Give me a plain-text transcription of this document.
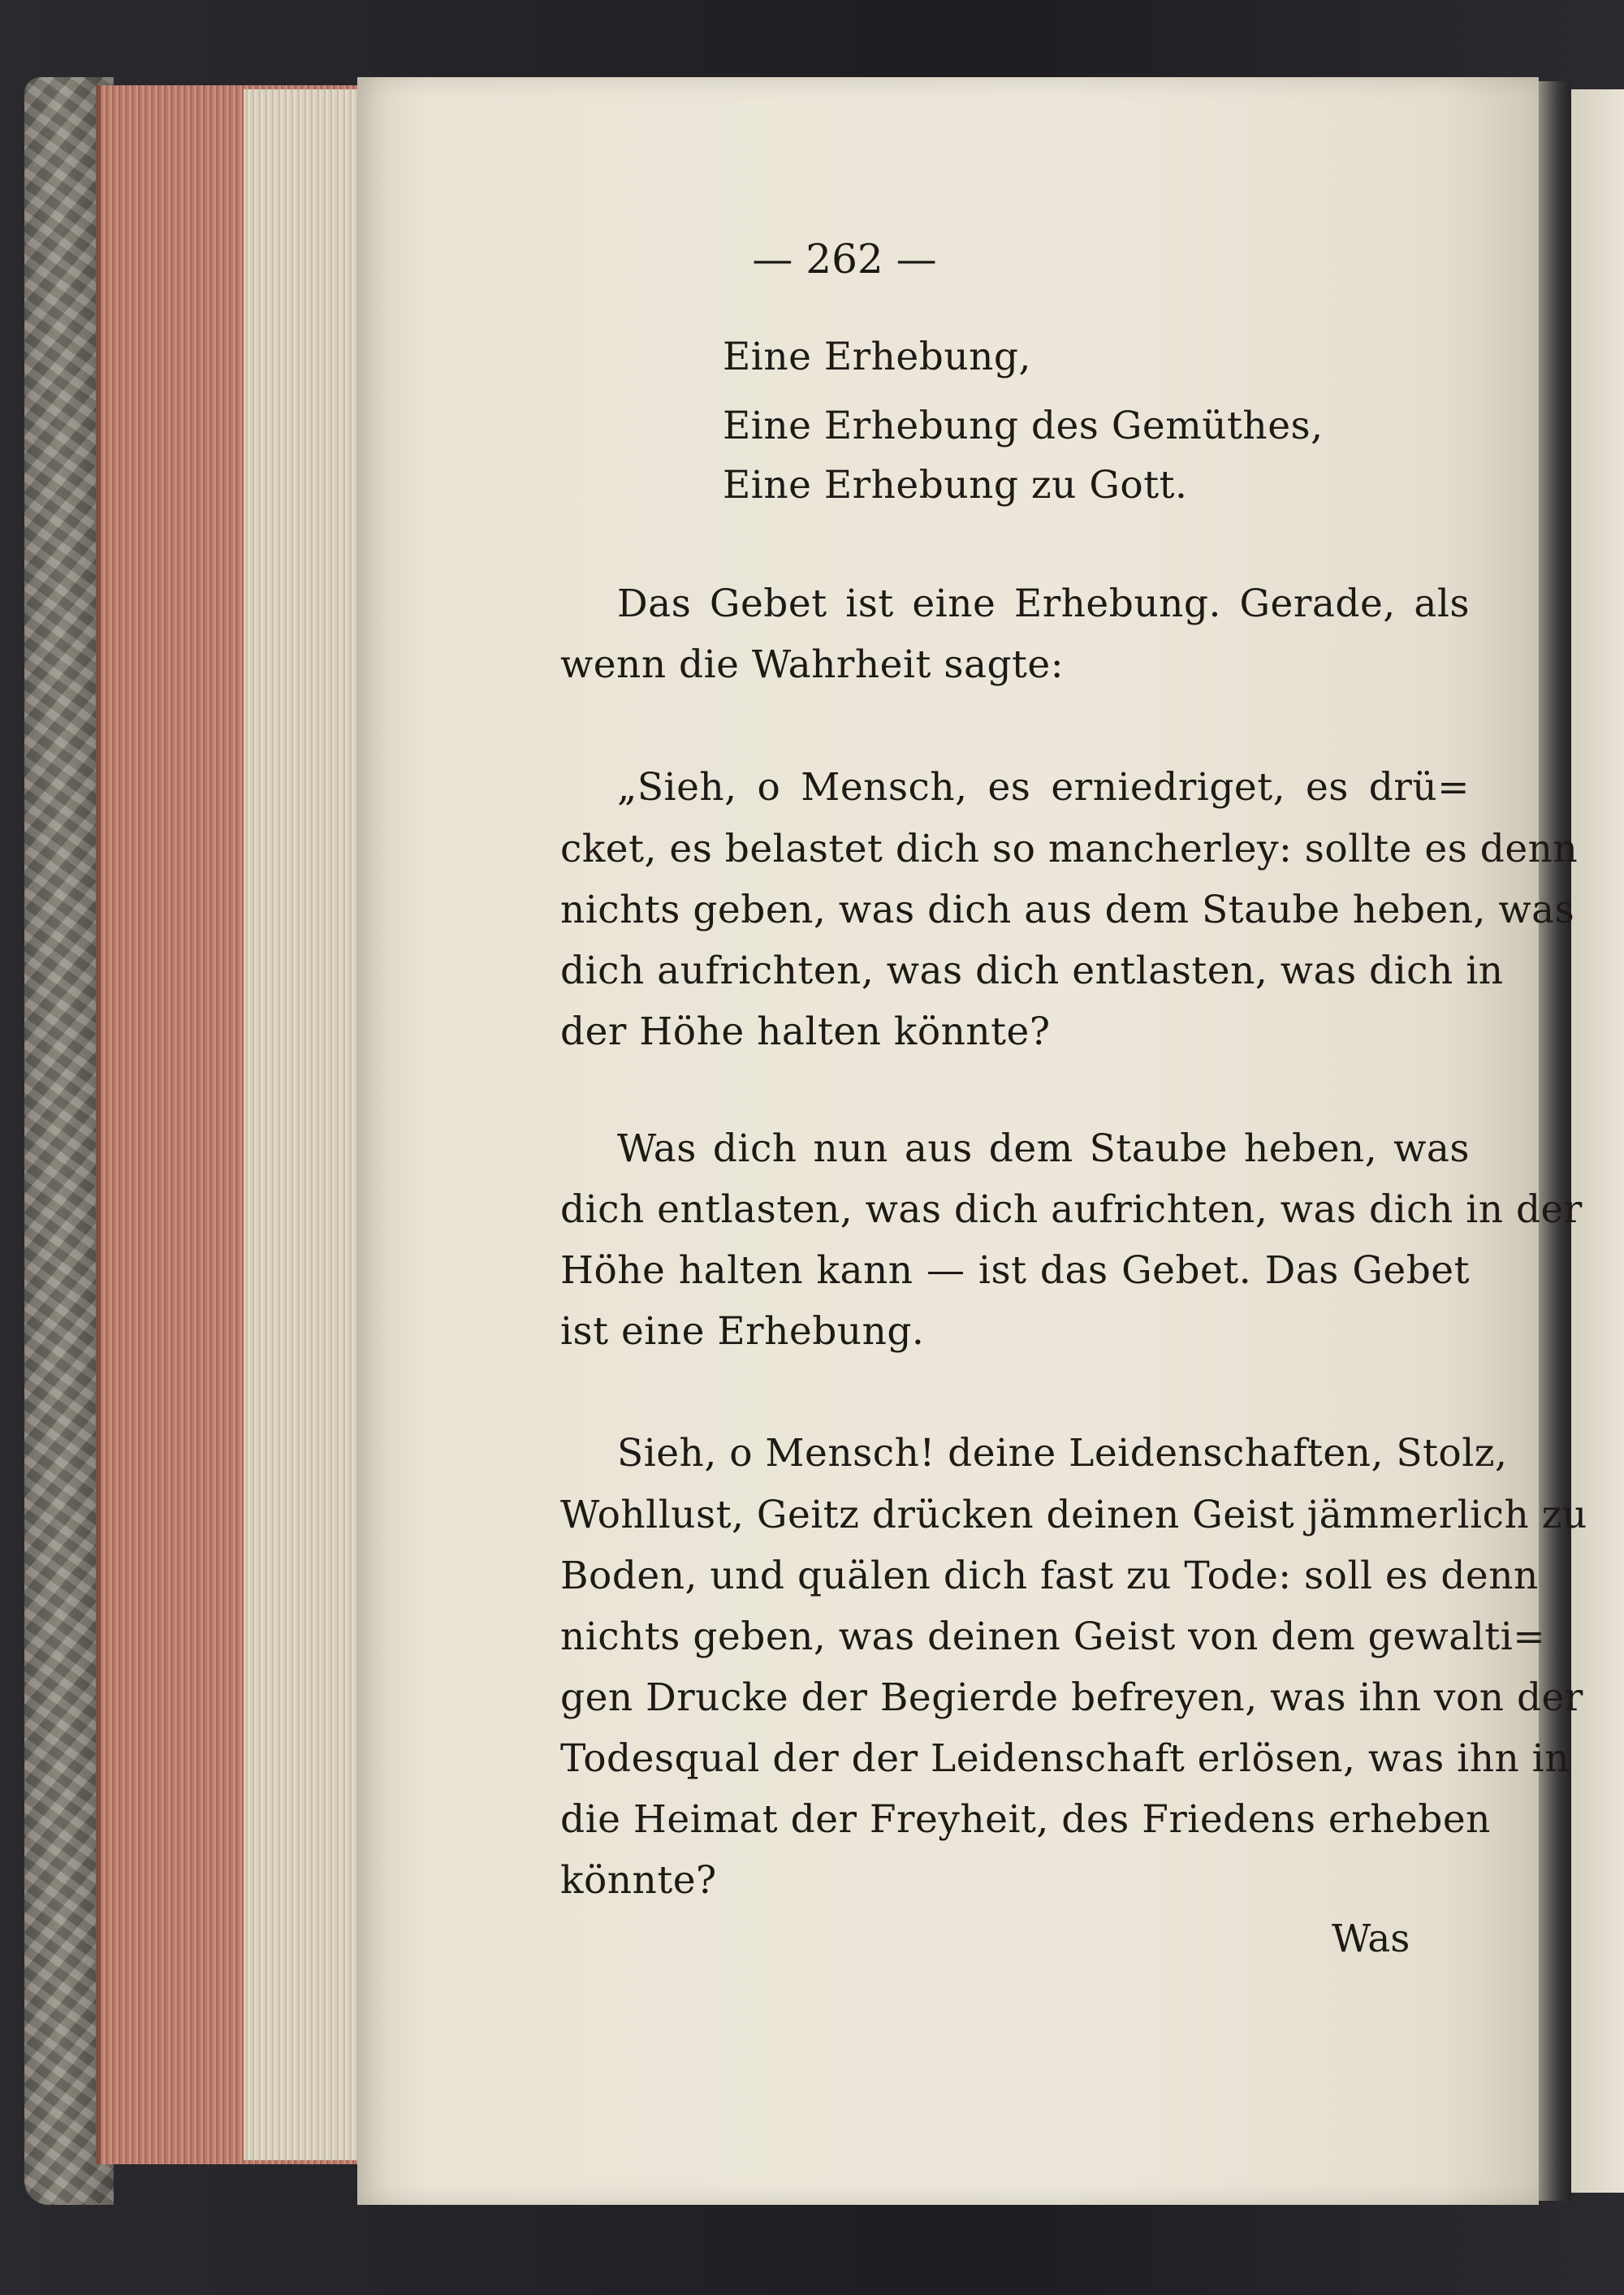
— 262 —
Eine Erhebung,
Eine Erhebung des Gemüthes,
Eine Erhebung zu Gott.
Das Gebet ist eine Erhebung. Gerade, als
wenn die Wahrheit sagte:
„Sieh, o Mensch, es erniedriget, es drü=
cket, es belastet dich so mancherley: sollte es denn
nichts geben, was dich aus dem Staube heben, was
dich aufrichten, was dich entlasten, was dich in
der Höhe halten könnte?
Was dich nun aus dem Staube heben, was
dich entlasten, was dich aufrichten, was dich in der
Höhe halten kann — ist das Gebet. Das Gebet
ist eine Erhebung.
Sieh, o Mensch! deine Leidenschaften, Stolz,
Wohllust, Geitz drücken deinen Geist jämmerlich zu
Boden, und quälen dich fast zu Tode: soll es denn
nichts geben, was deinen Geist von dem gewalti=
gen Drucke der Begierde befreyen, was ihn von der
Todesqual der der Leidenschaft erlösen, was ihn in
die Heimat der Freyheit, des Friedens erheben
könnte?
Was
